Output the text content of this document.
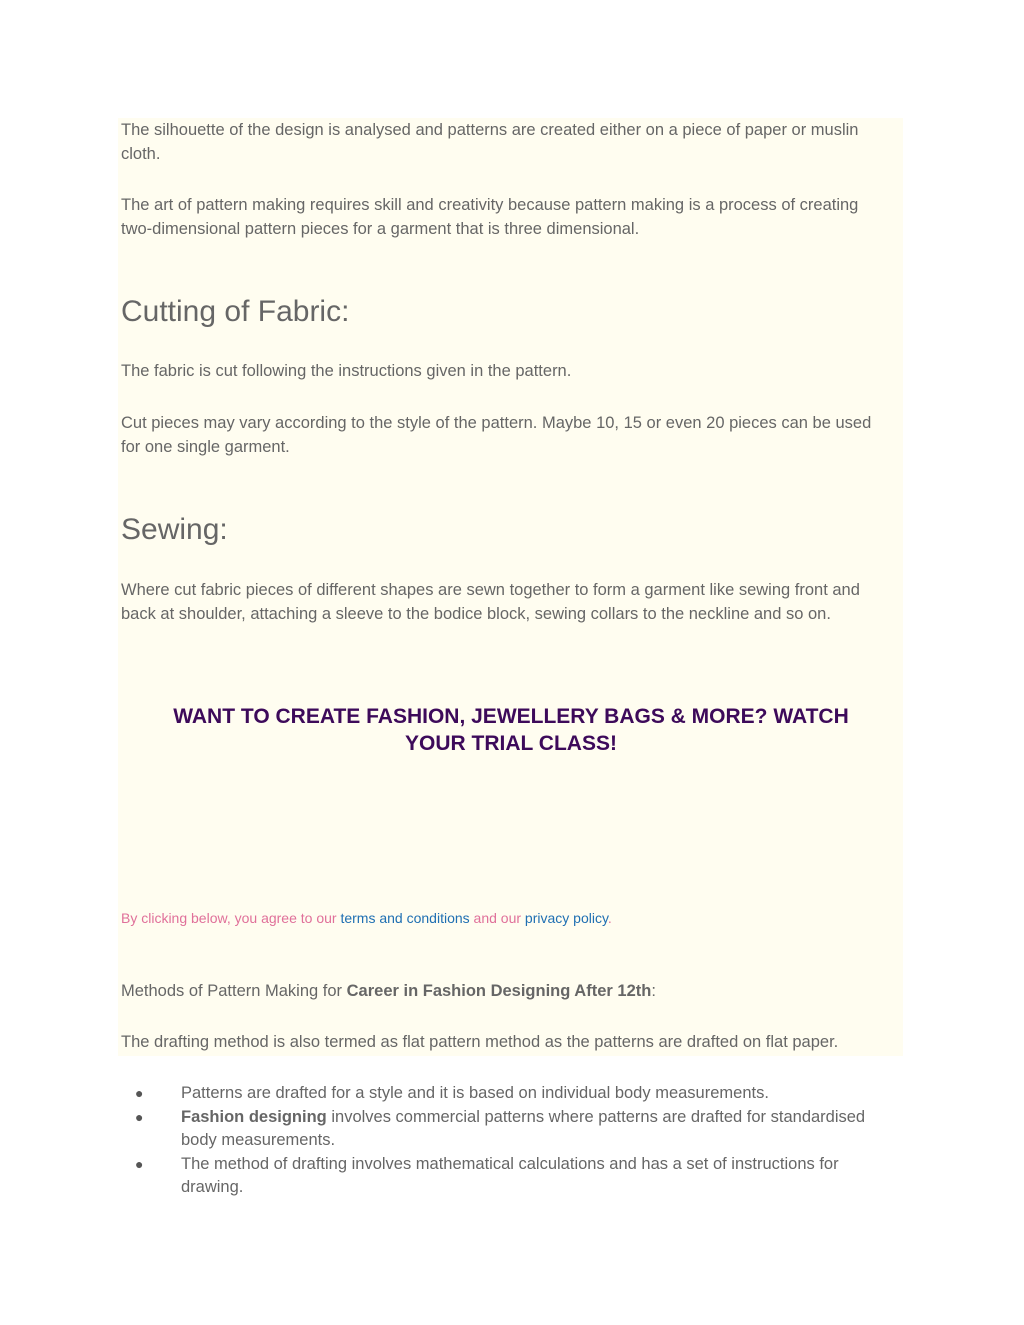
The silhouette of the design is analysed and patterns are created either on a piece of paper or muslin cloth.

The art of pattern making requires skill and creativity because pattern making is a process of creating two-dimensional pattern pieces for a garment that is three dimensional.

Cutting of Fabric:

The fabric is cut following the instructions given in the pattern.

Cut pieces may vary according to the style of the pattern. Maybe 10, 15 or even 20 pieces can be used for one single garment.

Sewing:

Where cut fabric pieces of different shapes are sewn together to form a garment like sewing front and back at shoulder, attaching a sleeve to the bodice block, sewing collars to the neckline and so on.

WANT TO CREATE FASHION, JEWELLERY BAGS & MORE? WATCH
YOUR TRIAL CLASS!

By clicking below, you agree to our terms and conditions and our privacy policy.

Methods of Pattern Making for Career in Fashion Designing After 12th:

The drafting method is also termed as flat pattern method as the patterns are drafted on flat paper.

● Patterns are drafted for a style and it is based on individual body measurements.
● Fashion designing involves commercial patterns where patterns are drafted for standardised body measurements.
● The method of drafting involves mathematical calculations and has a set of instructions for drawing.
